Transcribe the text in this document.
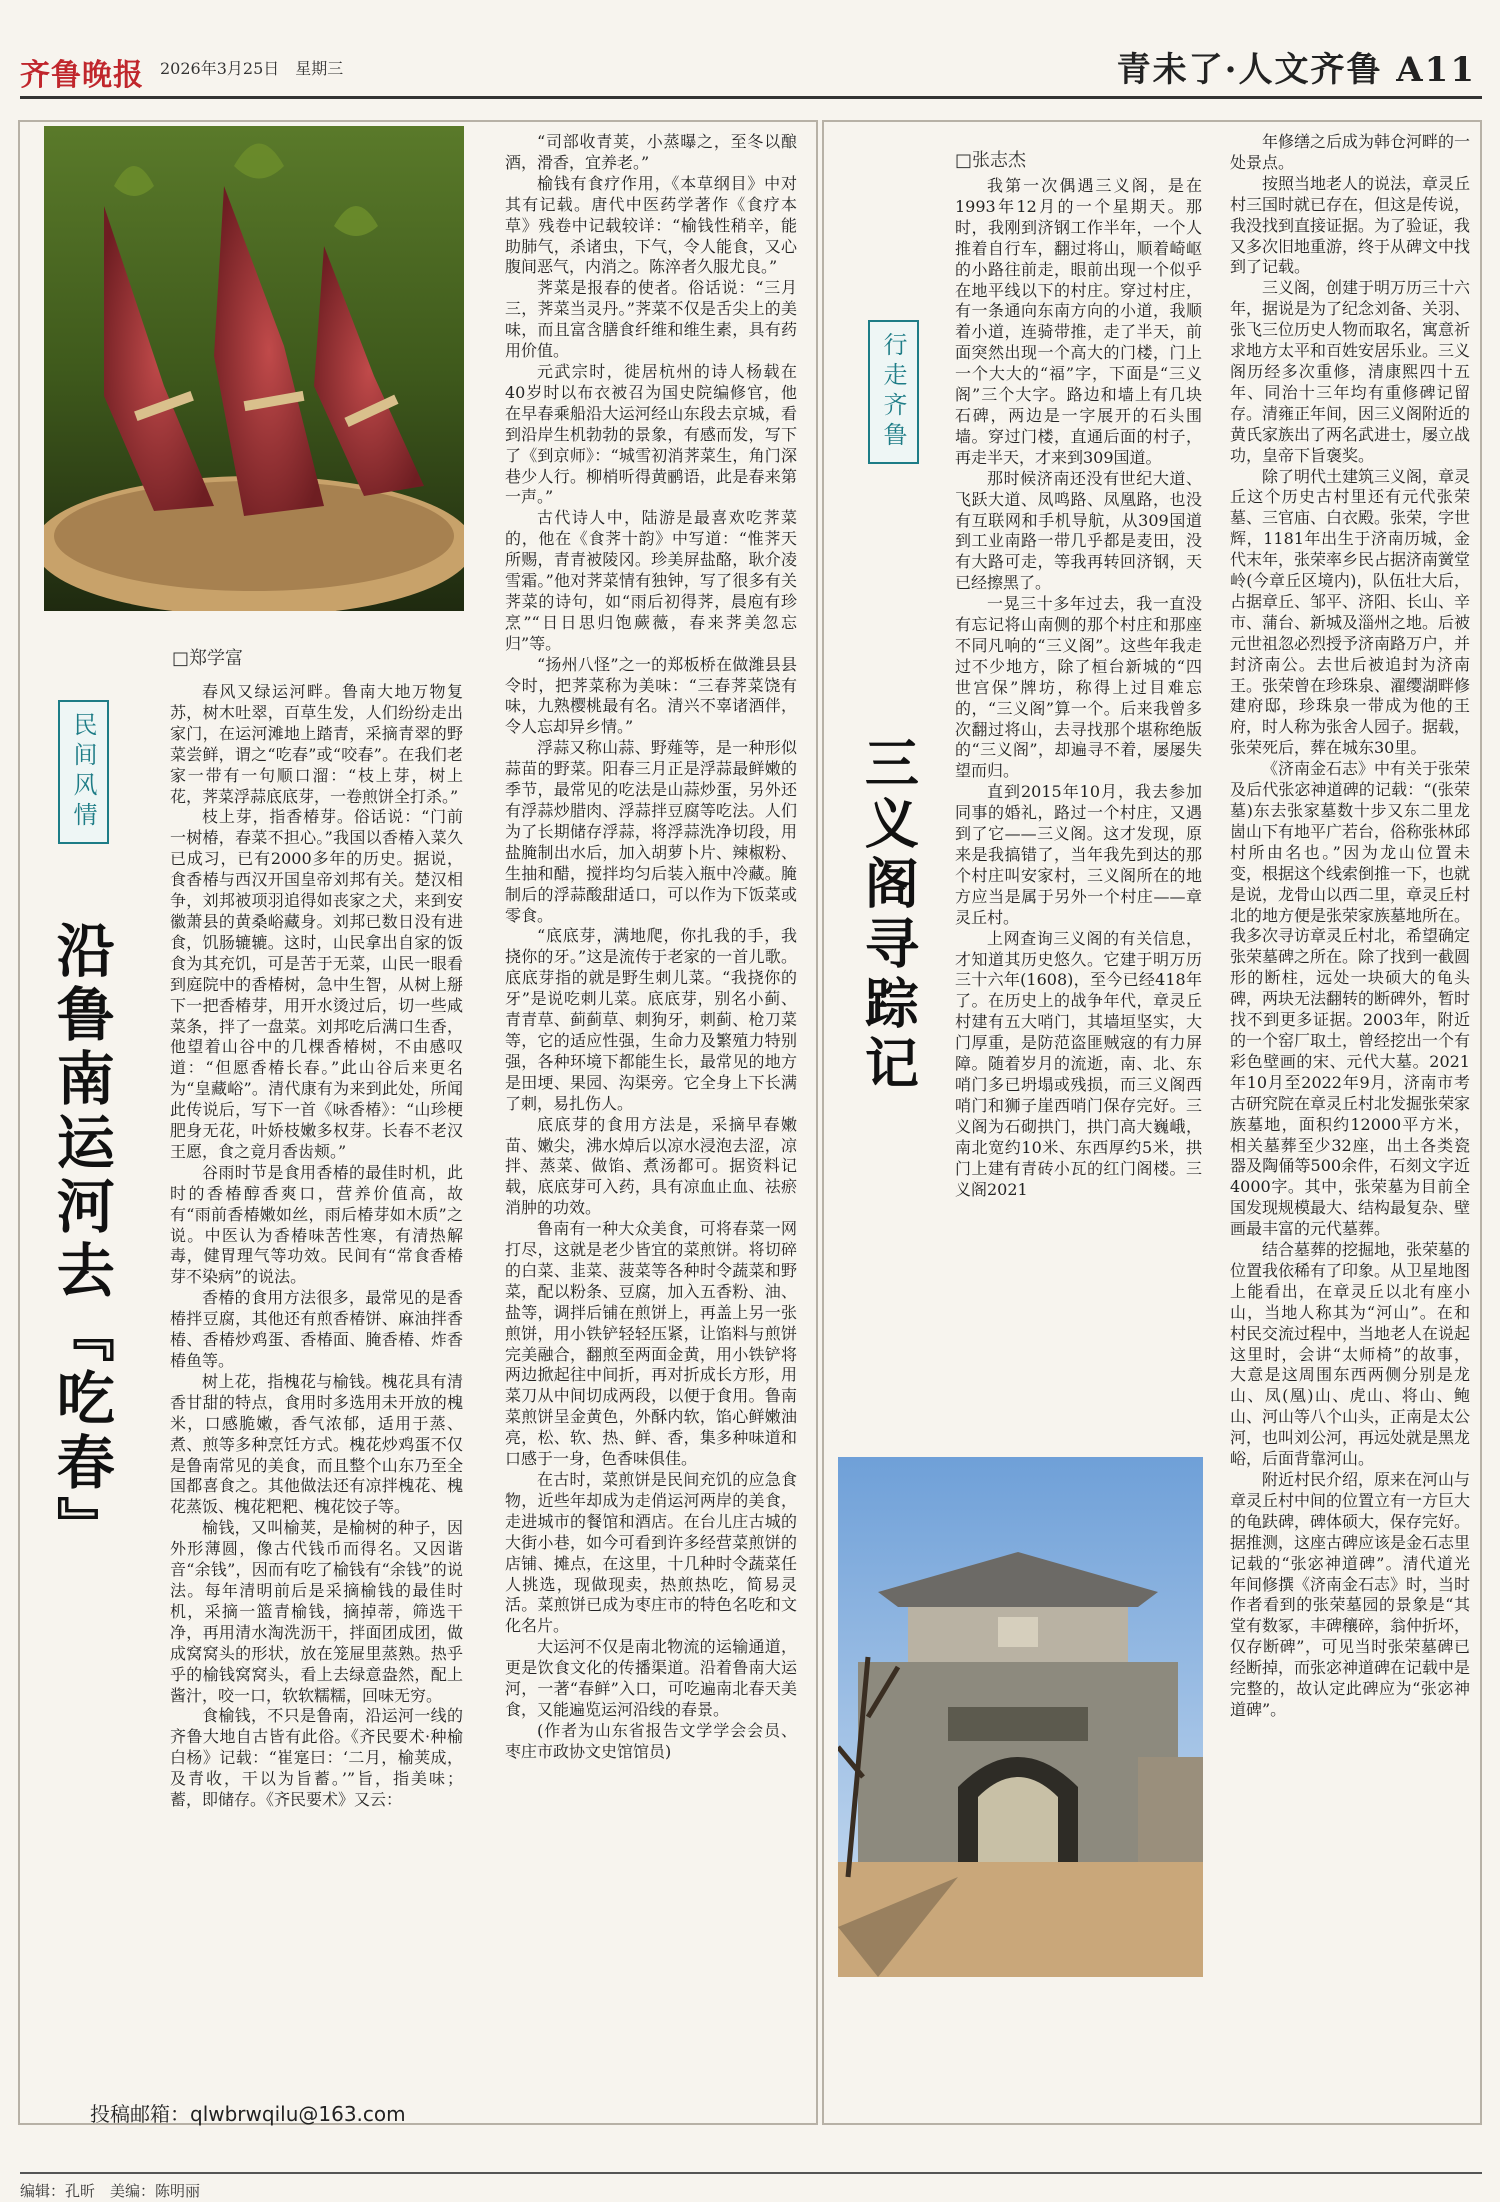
齐鲁晚报 2026年3月25日　星期三	青未了·人文齐鲁 A11
民间风情
沿鲁南运河去『吃春』
□郑学富

春风又绿运河畔。鲁南大地万物复苏，树木吐翠，百草生发，人们纷纷走出家门，在运河滩地上踏青，采摘青翠的野菜尝鲜，谓之“吃春”或“咬春”。在我们老家一带有一句顺口溜：“枝上芽，树上花，荠菜浮蒜底底芽，一卷煎饼全打杀。”

枝上芽，指香椿芽。俗话说：“门前一树椿，春菜不担心。”我国以香椿入菜久已成习，已有2000多年的历史。据说，食香椿与西汉开国皇帝刘邦有关。楚汉相争，刘邦被项羽追得如丧家之犬，来到安徽萧县的黄桑峪藏身。刘邦已数日没有进食，饥肠辘辘。这时，山民拿出自家的饭食为其充饥，可是苦于无菜，山民一眼看到庭院中的香椿树，急中生智，从树上掰下一把香椿芽，用开水烫过后，切一些咸菜条，拌了一盘菜。刘邦吃后满口生香，他望着山谷中的几棵香椿树，不由感叹道：“但愿香椿长春。”此山谷后来更名为“皇藏峪”。清代康有为来到此处，所闻此传说后，写下一首《咏香椿》：“山珍梗肥身无花，叶娇枝嫩多权芽。长春不老汉王愿，食之竟月香齿颊。”

谷雨时节是食用香椿的最佳时机，此时的香椿醇香爽口，营养价值高，故有“雨前香椿嫩如丝，雨后椿芽如木质”之说。中医认为香椿味苦性寒，有清热解毒，健胃理气等功效。民间有“常食香椿芽不染病”的说法。

香椿的食用方法很多，最常见的是香椿拌豆腐，其他还有煎香椿饼、麻油拌香椿、香椿炒鸡蛋、香椿面、腌香椿、炸香椿鱼等。

树上花，指槐花与榆钱。槐花具有清香甘甜的特点，食用时多选用未开放的槐米，口感脆嫩，香气浓郁，适用于蒸、煮、煎等多种烹饪方式。槐花炒鸡蛋不仅是鲁南常见的美食，而且整个山东乃至全国都喜食之。其他做法还有凉拌槐花、槐花蒸饭、槐花粑粑、槐花饺子等。

榆钱，又叫榆荚，是榆树的种子，因外形薄圆，像古代钱币而得名。又因谐音“余钱”，因而有吃了榆钱有“余钱”的说法。每年清明前后是采摘榆钱的最佳时机，采摘一篮青榆钱，摘掉蒂，筛选干净，再用清水淘洗沥干，拌面团成团，做成窝窝头的形状，放在笼屉里蒸熟。热乎乎的榆钱窝窝头，看上去绿意盎然，配上酱汁，咬一口，软软糯糯，回味无穷。

食榆钱，不只是鲁南，沿运河一线的齐鲁大地自古皆有此俗。《齐民要术·种榆白杨》记载：“崔寔曰：‘二月，榆荚成，及青收，干以为旨蓄。’”旨，指美味；蓄，即储存。《齐民要术》又云：

“司部收青荚，小蒸曝之，至冬以酿酒，滑香，宜养老。”

榆钱有食疗作用，《本草纲目》中对其有记载。唐代中医药学著作《食疗本草》残卷中记载较详：“榆钱性稍辛，能助肺气，杀诸虫，下气，令人能食，又心腹间恶气，内消之。陈淬者久服尤良。”

荠菜是报春的使者。俗话说：“三月三，荠菜当灵丹。”荠菜不仅是舌尖上的美味，而且富含膳食纤维和维生素，具有药用价值。

元武宗时，徙居杭州的诗人杨载在40岁时以布衣被召为国史院编修官，他在早春乘船沿大运河经山东段去京城，看到沿岸生机勃勃的景象，有感而发，写下了《到京师》：“城雪初消荠菜生，角门深巷少人行。柳梢听得黄鹂语，此是春来第一声。”

古代诗人中，陆游是最喜欢吃荠菜的，他在《食荠十韵》中写道：“惟荠天所赐，青青被陵冈。珍美屏盐酪，耿介凌雪霜。”他对荠菜情有独钟，写了很多有关荠菜的诗句，如“雨后初得荠，晨庖有珍烹”“日日思归饱蕨薇，春来荠美忽忘归”等。

“扬州八怪”之一的郑板桥在做潍县县令时，把荠菜称为美味：“三春荠菜饶有味，九熟樱桃最有名。清兴不辜诸酒伴，令人忘却异乡情。”

浮蒜又称山蒜、野薤等，是一种形似蒜苗的野菜。阳春三月正是浮蒜最鲜嫩的季节，最常见的吃法是山蒜炒蛋，另外还有浮蒜炒腊肉、浮蒜拌豆腐等吃法。人们为了长期储存浮蒜，将浮蒜洗净切段，用盐腌制出水后，加入胡萝卜片、辣椒粉、生抽和醋，搅拌均匀后装入瓶中冷藏。腌制后的浮蒜酸甜适口，可以作为下饭菜或零食。

“底底芽，满地爬，你扎我的手，我挠你的牙。”这是流传于老家的一首儿歌。底底芽指的就是野生刺儿菜。“我挠你的牙”是说吃刺儿菜。底底芽，别名小蓟、青青草、蓟蓟草、刺狗牙，刺蓟、枪刀菜等，它的适应性强，生命力及繁殖力特别强，各种环境下都能生长，最常见的地方是田埂、果园、沟渠旁。它全身上下长满了刺，易扎伤人。

底底芽的食用方法是，采摘早春嫩苗、嫩尖，沸水焯后以凉水浸泡去涩，凉拌、蒸菜、做馅、煮汤都可。据资料记载，底底芽可入药，具有凉血止血、祛瘀消肿的功效。

鲁南有一种大众美食，可将春菜一网打尽，这就是老少皆宜的菜煎饼。将切碎的白菜、韭菜、菠菜等各种时令蔬菜和野菜，配以粉条、豆腐，加入五香粉、油、盐等，调拌后铺在煎饼上，再盖上另一张煎饼，用小铁铲轻轻压紧，让馅料与煎饼完美融合，翻煎至两面金黄，用小铁铲将两边掀起往中间折，再对折成长方形，用菜刀从中间切成两段，以便于食用。鲁南菜煎饼呈金黄色，外酥内软，馅心鲜嫩油亮，松、软、热、鲜、香，集多种味道和口感于一身，色香味俱佳。

在古时，菜煎饼是民间充饥的应急食物，近些年却成为走俏运河两岸的美食，走进城市的餐馆和酒店。在台儿庄古城的大街小巷，如今可看到许多经营菜煎饼的店铺、摊点，在这里，十几种时令蔬菜任人挑选，现做现卖，热煎热吃，简易灵活。菜煎饼已成为枣庄市的特色名吃和文化名片。

大运河不仅是南北物流的运输通道，更是饮食文化的传播渠道。沿着鲁南大运河，一著“春鲜”入口，可吃遍南北春天美食，又能遍览运河沿线的春景。

(作者为山东省报告文学学会会员、枣庄市政协文史馆馆员)

行走齐鲁
三义阁寻踪记
□张志杰

我第一次偶遇三义阁，是在1993年12月的一个星期天。那时，我刚到济钢工作半年，一个人推着自行车，翻过将山，顺着崎岖的小路往前走，眼前出现一个似乎在地平线以下的村庄。穿过村庄，有一条通向东南方向的小道，我顺着小道，连骑带推，走了半天，前面突然出现一个高大的门楼，门上一个大大的“福”字，下面是“三义阁”三个大字。路边和墙上有几块石碑，两边是一字展开的石头围墙。穿过门楼，直通后面的村子，再走半天，才来到309国道。

那时候济南还没有世纪大道、飞跃大道、凤鸣路、凤凰路，也没有互联网和手机导航，从309国道到工业南路一带几乎都是麦田，没有大路可走，等我再转回济钢，天已经擦黑了。

一晃三十多年过去，我一直没有忘记将山南侧的那个村庄和那座不同凡响的“三义阁”。这些年我走过不少地方，除了桓台新城的“四世宫保”牌坊，称得上过目难忘的，“三义阁”算一个。后来我曾多次翻过将山，去寻找那个堪称绝版的“三义阁”，却遍寻不着，屡屡失望而归。

直到2015年10月，我去参加同事的婚礼，路过一个村庄，又遇到了它——三义阁。这才发现，原来是我搞错了，当年我先到达的那个村庄叫安家村，三义阁所在的地方应当是属于另外一个村庄——章灵丘村。

上网查询三义阁的有关信息，才知道其历史悠久。它建于明万历三十六年(1608)，至今已经418年了。在历史上的战争年代，章灵丘村建有五大哨门，其墙垣坚实，大门厚重，是防范盗匪贼寇的有力屏障。随着岁月的流逝，南、北、东哨门多已坍塌或残损，而三义阁西哨门和狮子崖西哨门保存完好。三义阁为石砌拱门，拱门高大巍峨，南北宽约10米、东西厚约5米，拱门上建有青砖小瓦的红门阁楼。三义阁2021

年修缮之后成为韩仓河畔的一处景点。

按照当地老人的说法，章灵丘村三国时就已存在，但这是传说，我没找到直接证据。为了验证，我又多次旧地重游，终于从碑文中找到了记载。

三义阁，创建于明万历三十六年，据说是为了纪念刘备、关羽、张飞三位历史人物而取名，寓意祈求地方太平和百姓安居乐业。三义阁历经多次重修，清康熙四十五年、同治十三年均有重修碑记留存。清雍正年间，因三义阁附近的黄氏家族出了两名武进士，屡立战功，皇帝下旨褒奖。

除了明代土建筑三义阁，章灵丘这个历史古村里还有元代张荣墓、三官庙、白衣殿。张荣，字世辉，1181年出生于济南历城，金代末年，张荣率乡民占据济南黉堂岭(今章丘区境内)，队伍壮大后，占据章丘、邹平、济阳、长山、辛市、蒲台、新城及淄州之地。后被元世祖忽必烈授予济南路万户，并封济南公。去世后被追封为济南王。张荣曾在珍珠泉、濯缨湖畔修建府邸，珍珠泉一带成为他的王府，时人称为张舍人园子。据载，张荣死后，葬在城东30里。

《济南金石志》中有关于张荣及后代张宓神道碑的记载：“(张荣墓)东去张家墓数十步又东二里龙崮山下有地平广若台，俗称张林邱村所由名也。”因为龙山位置未变，根据这个线索倒推一下，也就是说，龙骨山以西二里，章灵丘村北的地方便是张荣家族墓地所在。我多次寻访章灵丘村北，希望确定张荣墓碑之所在。除了找到一截圆形的断柱，远处一块硕大的龟头碑，两块无法翻转的断碑外，暂时找不到更多证据。2003年，附近的一个窑厂取土，曾经挖出一个有彩色壁画的宋、元代大墓。2021年10月至2022年9月，济南市考古研究院在章灵丘村北发掘张荣家族墓地，面积约12000平方米，相关墓葬至少32座，出土各类瓷器及陶俑等500余件，石刻文字近4000字。其中，张荣墓为目前全国发现规模最大、结构最复杂、壁画最丰富的元代墓葬。

结合墓葬的挖掘地，张荣墓的位置我依稀有了印象。从卫星地图上能看出，在章灵丘以北有座小山，当地人称其为“河山”。在和村民交流过程中，当地老人在说起这里时，会讲“太师椅”的故事，大意是这周围东西两侧分别是龙山、凤(凰)山、虎山、将山、鲍山、河山等八个山头，正南是太公河，也叫刘公河，再远处就是黑龙峪，后面背靠河山。

附近村民介绍，原来在河山与章灵丘村中间的位置立有一方巨大的龟趺碑，碑体硕大，保存完好。据推测，这座古碑应该是金石志里记载的“张宓神道碑”。清代道光年间修撰《济南金石志》时，当时作者看到的张荣墓园的景象是“其堂有数冢，丰碑穰碎，翁仲折坏，仅存断碑”，可见当时张荣墓碑已经断掉，而张宓神道碑在记载中是完整的，故认定此碑应为“张宓神道碑”。

投稿邮箱：qlwbrwqilu@163.com
编辑：孔昕　美编：陈明丽
